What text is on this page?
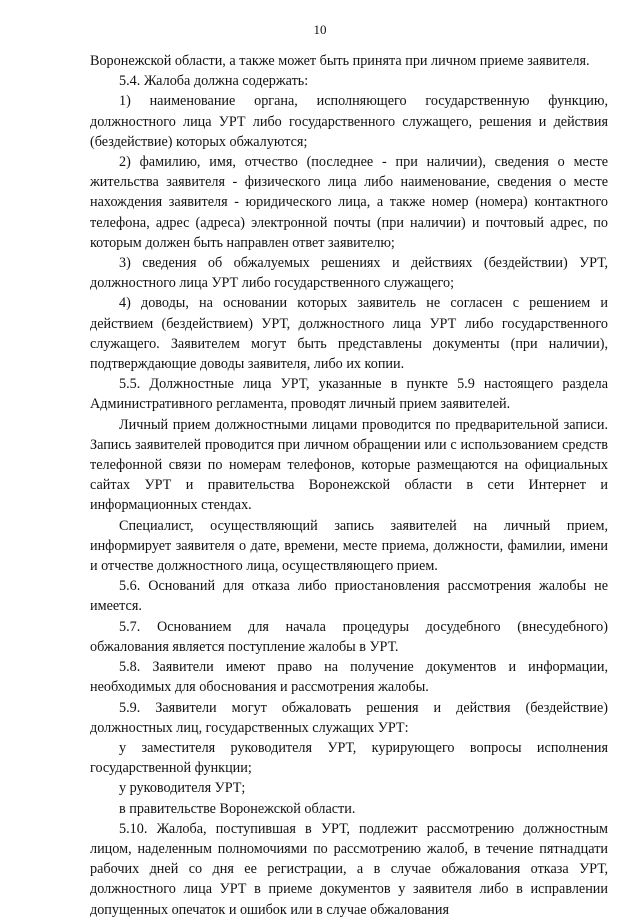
10

Воронежской области, а также может быть принята при личном приеме заявителя.

5.4. Жалоба должна содержать:

1) наименование органа, исполняющего государственную функцию, должностного лица УРТ либо государственного служащего, решения и действия (бездействие) которых обжалуются;

2) фамилию, имя, отчество (последнее - при наличии), сведения о месте жительства заявителя - физического лица либо наименование, сведения о месте нахождения заявителя - юридического лица, а также номер (номера) контактного телефона, адрес (адреса) электронной почты (при наличии) и почтовый адрес, по которым должен быть направлен ответ заявителю;

3) сведения об обжалуемых решениях и действиях (бездействии) УРТ, должностного лица УРТ либо государственного служащего;

4) доводы, на основании которых заявитель не согласен с решением и действием (бездействием) УРТ, должностного лица УРТ либо государственного служащего. Заявителем могут быть представлены документы (при наличии), подтверждающие доводы заявителя, либо их копии.

5.5. Должностные лица УРТ, указанные в пункте 5.9 настоящего раздела Административного регламента, проводят личный прием заявителей.

Личный прием должностными лицами проводится по предварительной записи. Запись заявителей проводится при личном обращении или с использованием средств телефонной связи по номерам телефонов, которые размещаются на официальных сайтах УРТ и правительства Воронежской области в сети Интернет и информационных стендах.

Специалист, осуществляющий запись заявителей на личный прием, информирует заявителя о дате, времени, месте приема, должности, фамилии, имени и отчестве должностного лица, осуществляющего прием.

5.6. Оснований для отказа либо приостановления рассмотрения жалобы не имеется.

5.7. Основанием для начала процедуры досудебного (внесудебного) обжалования является поступление жалобы в УРТ.

5.8. Заявители имеют право на получение документов и информации, необходимых для обоснования и рассмотрения жалобы.

5.9. Заявители могут обжаловать решения и действия (бездействие) должностных лиц, государственных служащих УРТ:

у заместителя руководителя УРТ, курирующего вопросы исполнения государственной функции;

у руководителя УРТ;

в правительстве Воронежской области.

5.10. Жалоба, поступившая в УРТ, подлежит рассмотрению должностным лицом, наделенным полномочиями по рассмотрению жалоб, в течение пятнадцати рабочих дней со дня ее регистрации, а в случае обжалования отказа УРТ, должностного лица УРТ в приеме документов у заявителя либо в исправлении допущенных опечаток и ошибок или в случае обжалования
